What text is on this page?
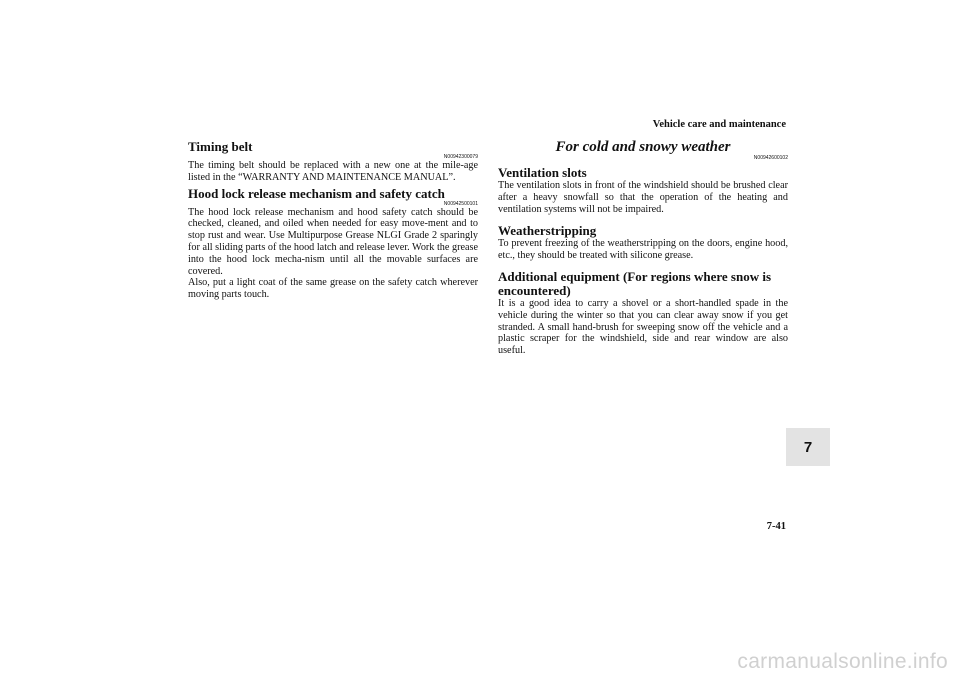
Vehicle care and maintenance
Timing belt
N00942300079

The timing belt should be replaced with a new one at the mile-age listed in the “WARRANTY AND MAINTENANCE MANUAL”.

Hood lock release mechanism and safety catch
N00942500101

The hood lock release mechanism and hood safety catch should be checked, cleaned, and oiled when needed for easy move-ment and to stop rust and wear. Use Multipurpose Grease NLGI Grade 2 sparingly for all sliding parts of the hood latch and release lever. Work the grease into the hood lock mecha-nism until all the movable surfaces are covered.

Also, put a light coat of the same grease on the safety catch wherever moving parts touch.

For cold and snowy weather
N00942600102
Ventilation slots

The ventilation slots in front of the windshield should be brushed clear after a heavy snowfall so that the operation of the heating and ventilation systems will not be impaired.

Weatherstripping

To prevent freezing of the weatherstripping on the doors, engine hood, etc., they should be treated with silicone grease.

Additional equipment (For regions where snow is encountered)

It is a good idea to carry a shovel or a short-handled spade in the vehicle during the winter so that you can clear away snow if you get stranded. A small hand-brush for sweeping snow off the vehicle and a plastic scraper for the windshield, side and rear window are also useful.

7
7-41
carmanualsonline.info
